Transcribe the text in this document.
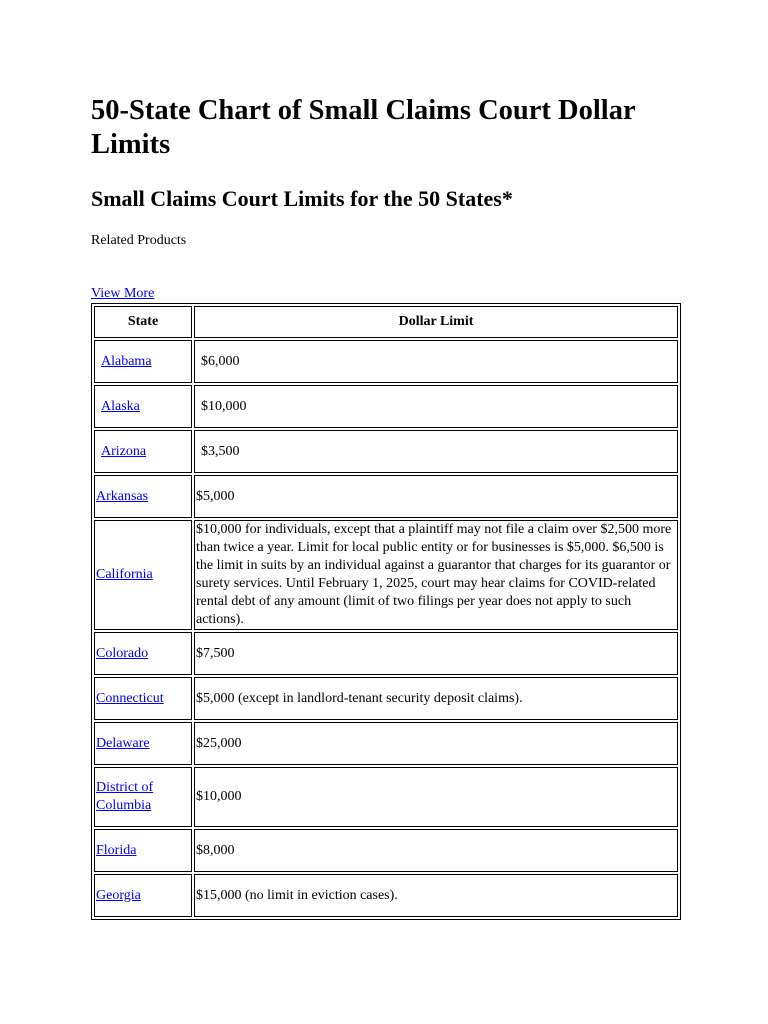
50-State Chart of Small Claims Court Dollar Limits
Small Claims Court Limits for the 50 States*
Related Products
View More
State	Dollar Limit
Alabama	$6,000
Alaska	$10,000
Arizona	$3,500
Arkansas	$5,000
California	$10,000 for individuals, except that a plaintiff may not file a claim over $2,500 more than twice a year. Limit for local public entity or for businesses is $5,000. $6,500 is the limit in suits by an individual against a guarantor that charges for its guarantor or surety services. Until February 1, 2025, court may hear claims for COVID-related rental debt of any amount (limit of two filings per year does not apply to such actions).
Colorado	$7,500
Connecticut	$5,000 (except in landlord-tenant security deposit claims).
Delaware	$25,000
District of Columbia	$10,000
Florida	$8,000
Georgia	$15,000 (no limit in eviction cases).
